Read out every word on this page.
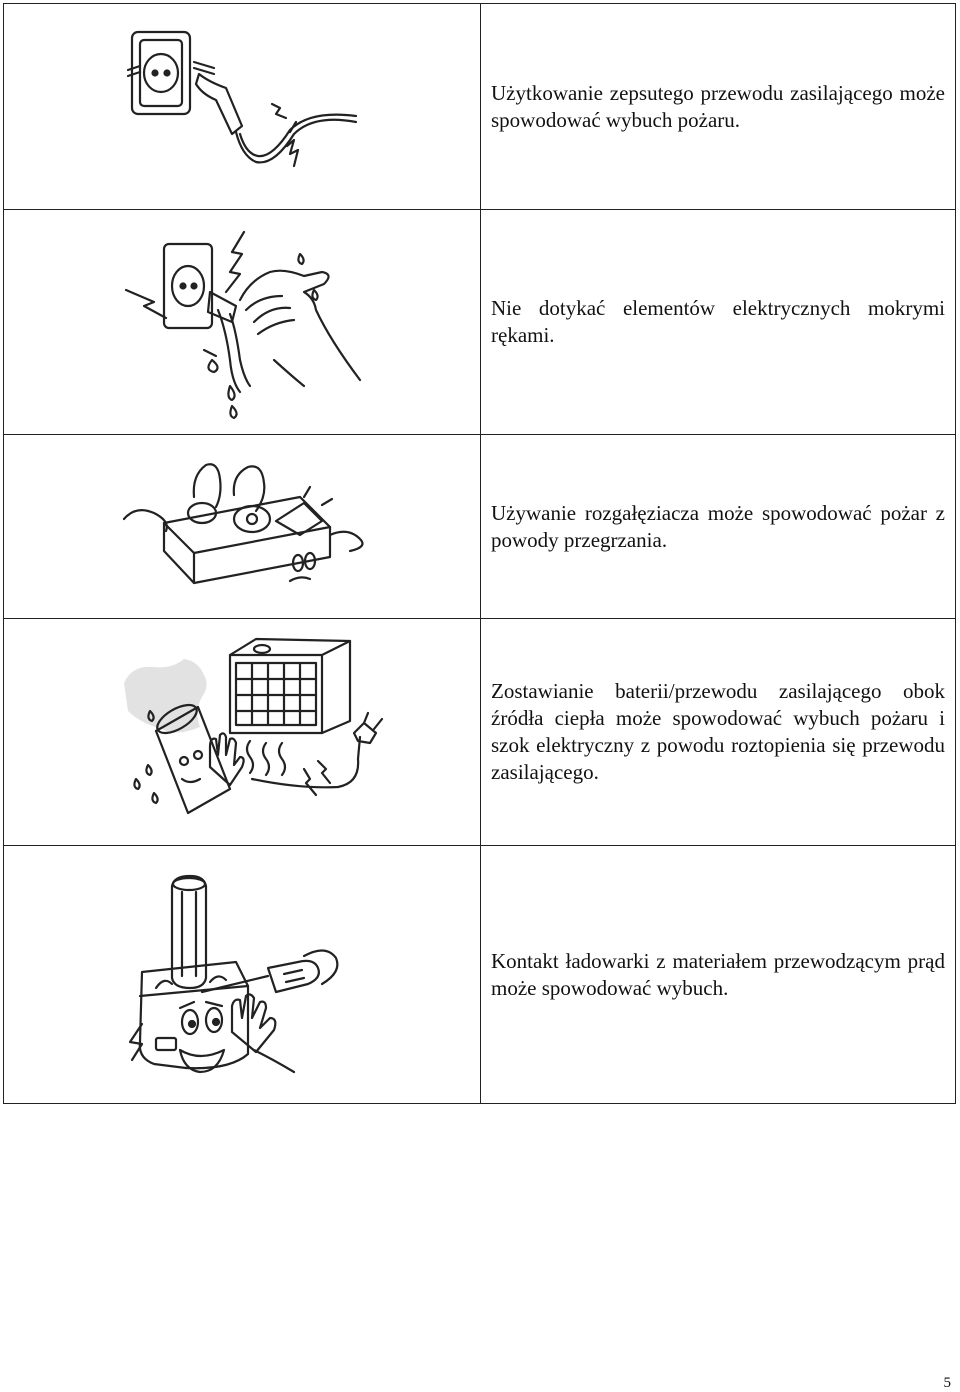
Użytkowanie zepsutego przewodu zasilającego może spowodować wybuch pożaru.

Nie dotykać elementów elektrycznych mokrymi rękami.

Używanie rozgałęziacza może spowodować pożar z powody przegrzania.

Zostawianie baterii/przewodu zasilającego obok źródła ciepła może spowodować wybuch pożaru i szok elektryczny z powodu roztopienia się przewodu zasilającego.

Kontakt ładowarki z materiałem przewodzącym prąd może spowodować wybuch.

5
